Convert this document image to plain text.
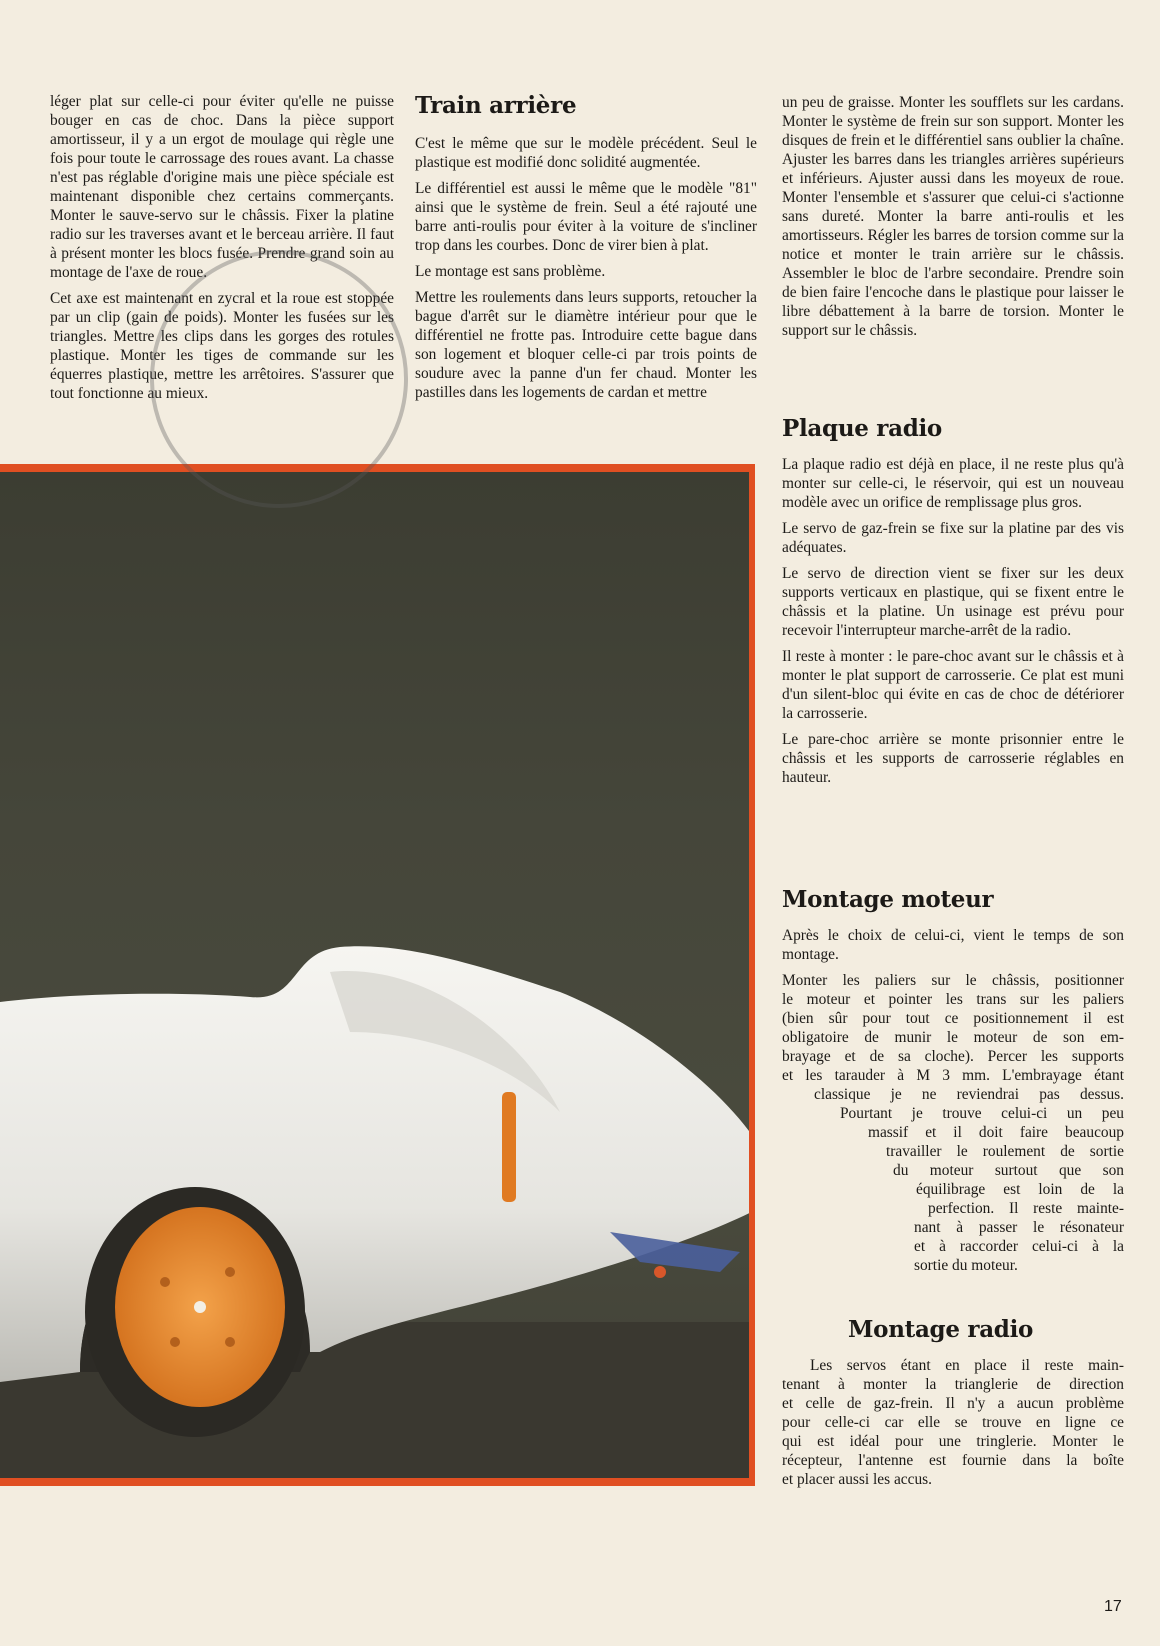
léger plat sur celle-ci pour éviter qu'elle ne puisse bouger en cas de choc. Dans la pièce support amortisseur, il y a un ergot de moulage qui règle une fois pour toute le carrossage des roues avant. La chasse n'est pas réglable d'origine mais une pièce spéciale est maintenant disponible chez certains commerçants. Monter le sauve-servo sur le châssis. Fixer la platine radio sur les traverses avant et le berceau arrière. Il faut à présent monter les blocs fusée. Prendre grand soin au montage de l'axe de roue.

Cet axe est maintenant en zycral et la roue est stoppée par un clip (gain de poids). Monter les fusées sur les triangles. Mettre les clips dans les gorges des rotules plastique. Monter les tiges de commande sur les équerres plastique, mettre les arrêtoires. S'assurer que tout fonctionne au mieux.

Train arrière

C'est le même que sur le modèle précédent. Seul le plastique est modifié donc solidité augmentée.

Le différentiel est aussi le même que le modèle "81" ainsi que le système de frein. Seul a été rajouté une barre anti-roulis pour éviter à la voiture de s'incliner trop dans les courbes. Donc de virer bien à plat.

Le montage est sans problème.

Mettre les roulements dans leurs supports, retoucher la bague d'arrêt sur le diamètre intérieur pour que le différentiel ne frotte pas. Introduire cette bague dans son logement et bloquer celle-ci par trois points de soudure avec la panne d'un fer chaud. Monter les pastilles dans les logements de cardan et mettre

un peu de graisse. Monter les soufflets sur les cardans. Monter le système de frein sur son support. Monter les disques de frein et le différentiel sans oublier la chaîne. Ajuster les barres dans les triangles arrières supérieurs et inférieurs. Ajuster aussi dans les moyeux de roue. Monter l'ensemble et s'assurer que celui-ci s'actionne sans dureté. Monter la barre anti-roulis et les amortisseurs. Régler les barres de torsion comme sur la notice et monter le train arrière sur le châssis. Assembler le bloc de l'arbre secondaire. Prendre soin de bien faire l'encoche dans le plastique pour laisser le libre débattement à la barre de torsion. Monter le support sur le châssis.

Plaque radio

La plaque radio est déjà en place, il ne reste plus qu'à monter sur celle-ci, le réservoir, qui est un nouveau modèle avec un orifice de remplissage plus gros.

Le servo de gaz-frein se fixe sur la platine par des vis adéquates.

Le servo de direction vient se fixer sur les deux supports verticaux en plastique, qui se fixent entre le châssis et la platine. Un usinage est prévu pour recevoir l'interrupteur marche-arrêt de la radio.

Il reste à monter : le pare-choc avant sur le châssis et à monter le plat support de carrosserie. Ce plat est muni d'un silent-bloc qui évite en cas de choc de détériorer la carrosserie.

Le pare-choc arrière se monte prisonnier entre le châssis et les supports de carrosserie réglables en hauteur.

Montage moteur

Après le choix de celui-ci, vient le temps de son montage.

Monter les paliers sur le châssis, positionner
le moteur et pointer les trans sur les paliers
(bien sûr pour tout ce positionnement il est
obligatoire de munir le moteur de son em-
brayage et de sa cloche). Percer les supports
et les tarauder à M 3 mm. L'embrayage étant
classique je ne reviendrai pas dessus.
Pourtant je trouve celui-ci un peu
massif et il doit faire beaucoup
travailler le roulement de sortie
du moteur surtout que son
équilibrage est loin de la
perfection. Il reste mainte-
nant à passer le résonateur
et à raccorder celui-ci à la
sortie du moteur.
Montage radio
Les servos étant en place il reste main-
tenant à monter la trianglerie de direction
et celle de gaz-frein. Il n'y a aucun problème
pour celle-ci car elle se trouve en ligne ce
qui est idéal pour une tringlerie. Monter le
récepteur, l'antenne est fournie dans la boîte
et placer aussi les accus.
17
